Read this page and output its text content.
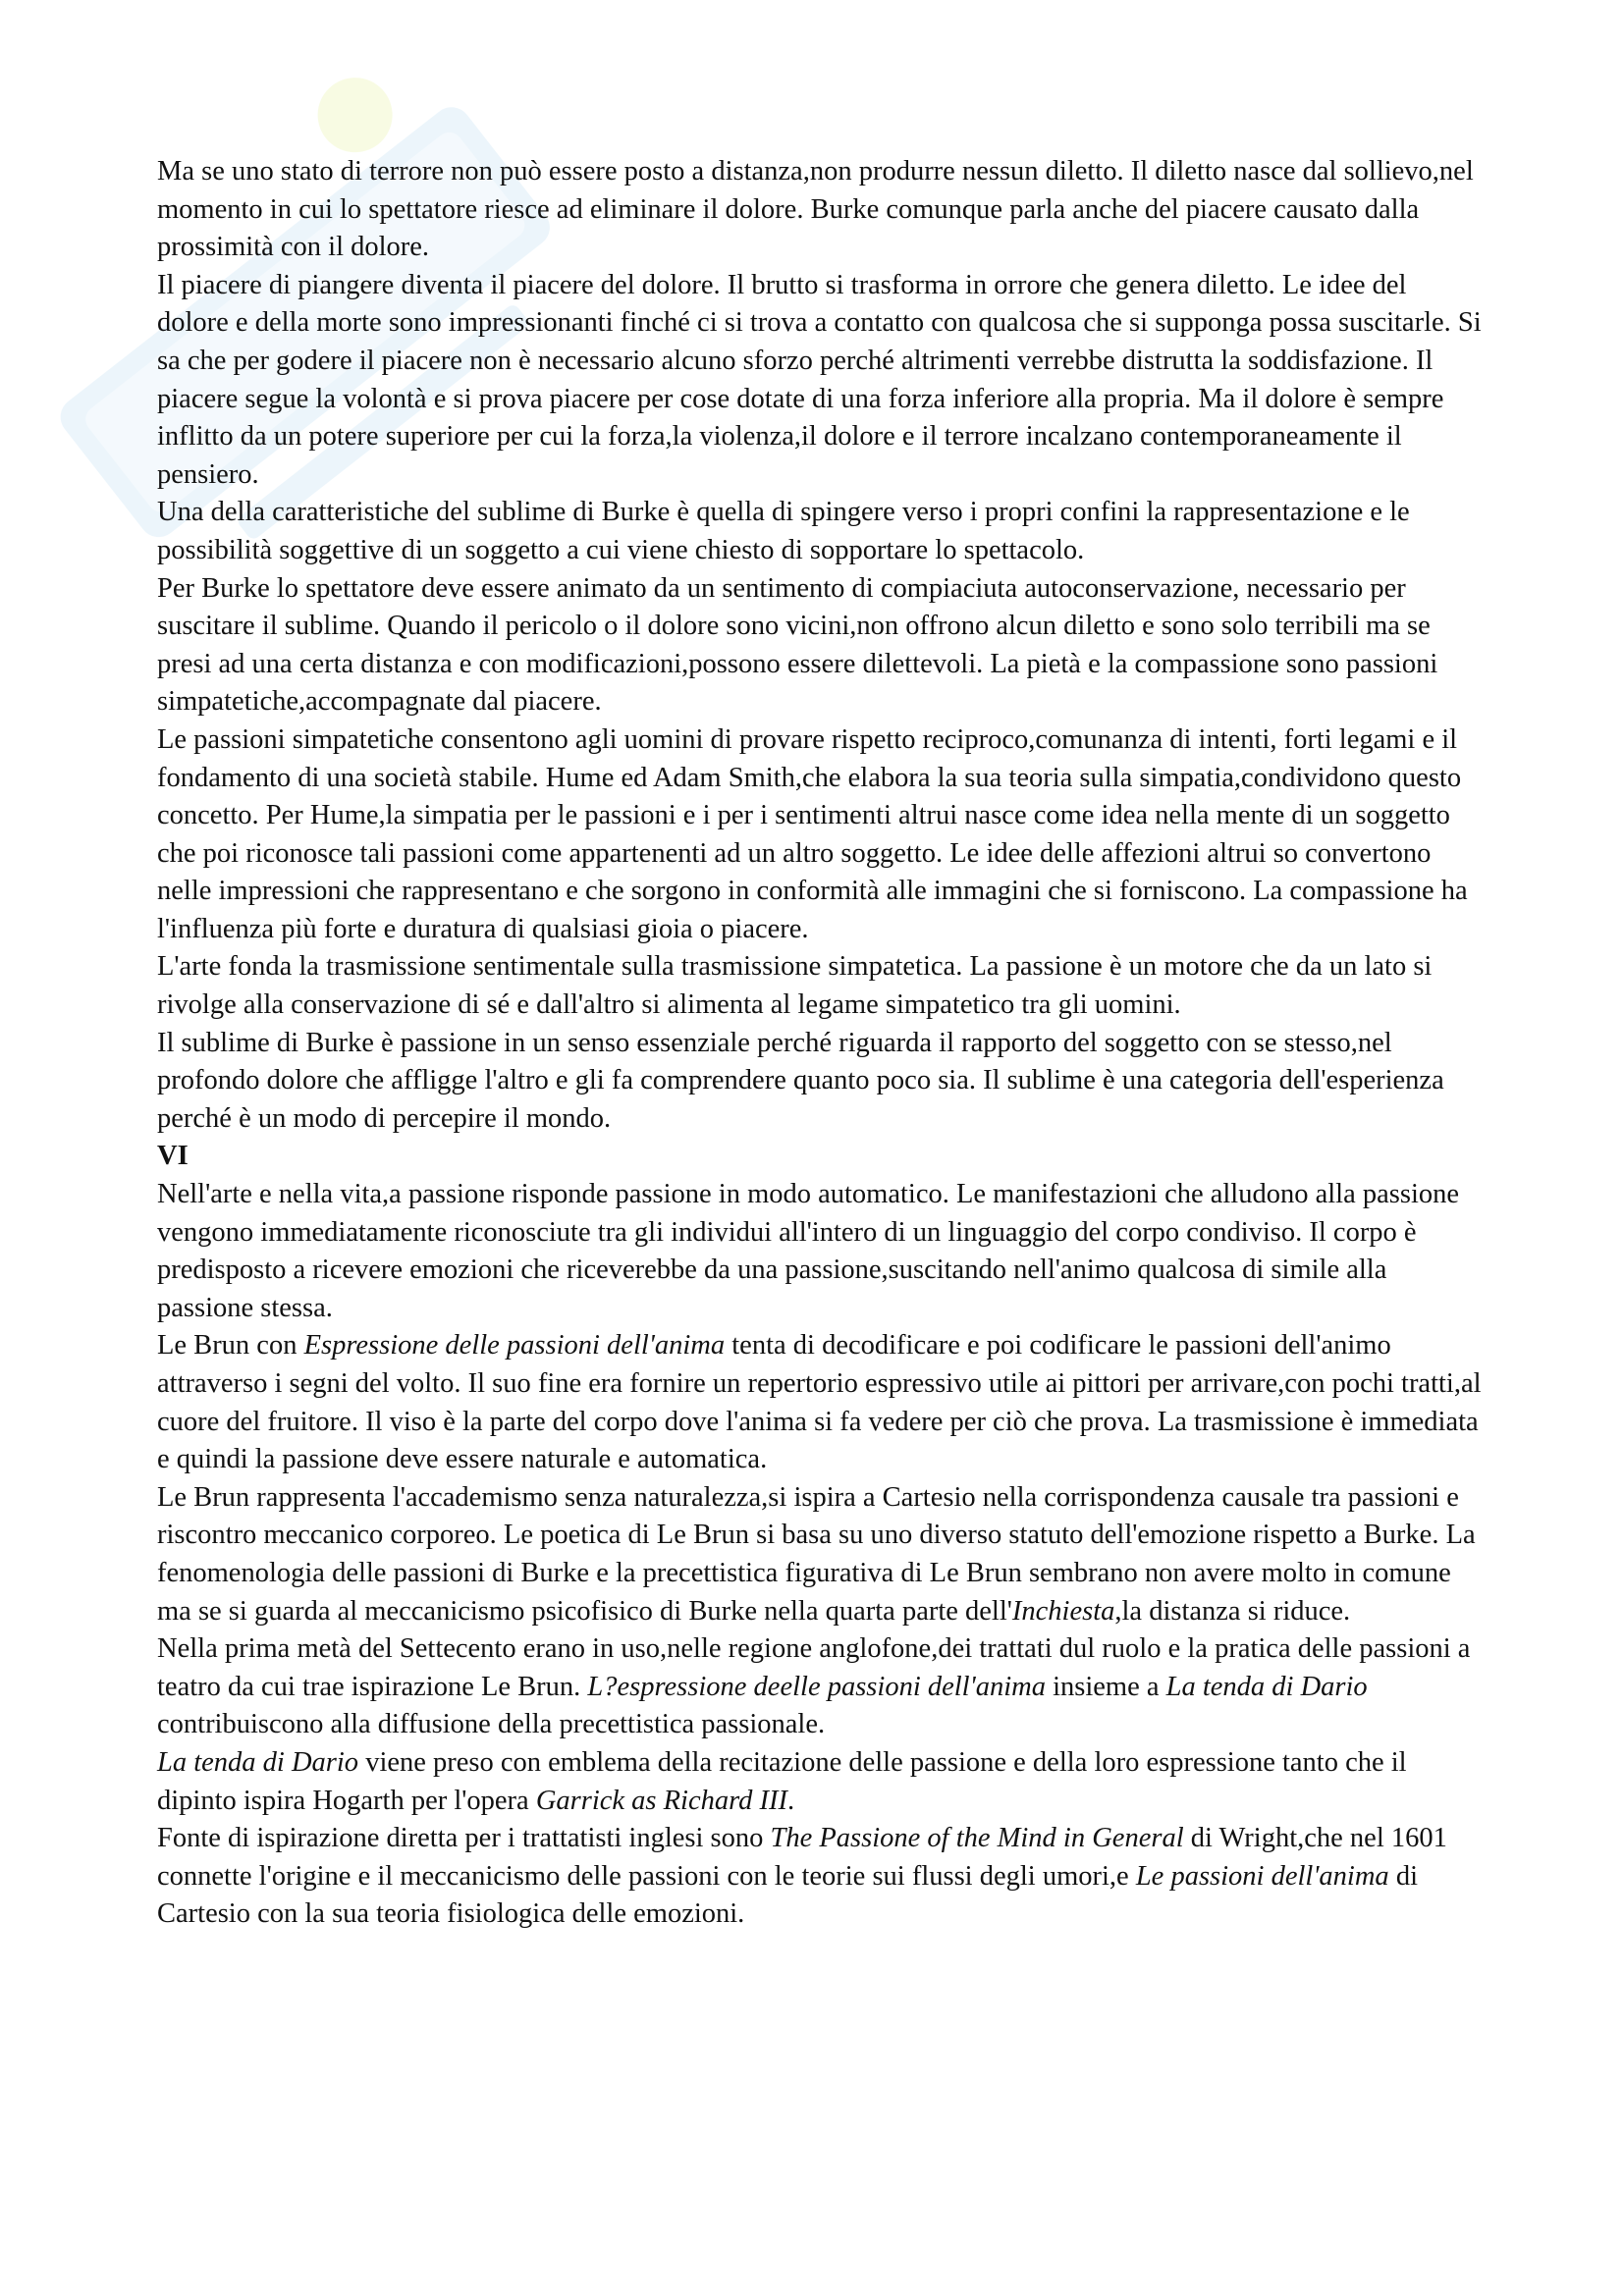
Ma se uno stato di terrore non può essere posto a distanza,non produrre nessun diletto. Il diletto nasce dal sollievo,nel momento in cui lo spettatore riesce ad eliminare il dolore. Burke comunque parla anche del piacere causato dalla prossimità con il dolore.

Il piacere di piangere diventa il piacere del dolore. Il brutto si trasforma in orrore che genera diletto. Le idee del dolore e della morte sono impressionanti finché ci si trova a contatto con qualcosa che si supponga possa suscitarle. Si sa che per godere il piacere non è necessario alcuno sforzo perché altrimenti verrebbe distrutta la soddisfazione. Il piacere segue la volontà e si prova piacere per cose dotate di una forza inferiore alla propria. Ma il dolore è sempre inflitto da un potere superiore per cui la forza,la violenza,il dolore e il terrore incalzano contemporaneamente il pensiero.

Una della caratteristiche del sublime di Burke è quella di spingere verso i propri confini la rappresentazione e le possibilità soggettive di un soggetto a cui viene chiesto di sopportare lo spettacolo.

Per Burke lo spettatore deve essere animato da un sentimento di compiaciuta autoconservazione, necessario per suscitare il sublime. Quando il pericolo o il dolore sono vicini,non offrono alcun diletto e sono solo terribili ma se presi ad una certa distanza e con modificazioni,possono essere dilettevoli. La pietà e la compassione sono passioni simpatetiche,accompagnate dal piacere.

Le passioni simpatetiche consentono agli uomini di provare rispetto reciproco,comunanza di intenti, forti legami e il fondamento di una società stabile. Hume ed Adam Smith,che elabora la sua teoria sulla simpatia,condividono questo concetto. Per Hume,la simpatia per le passioni e i per i sentimenti altrui nasce come idea nella mente di un soggetto che poi riconosce tali passioni come appartenenti ad un altro soggetto. Le idee delle affezioni altrui so convertono nelle impressioni che rappresentano e che sorgono in conformità alle immagini che si forniscono. La compassione ha l'influenza più forte e duratura di qualsiasi gioia o piacere.

L'arte fonda la trasmissione sentimentale sulla trasmissione simpatetica. La passione è un motore che da un lato si rivolge alla conservazione di sé e dall'altro si alimenta al legame simpatetico tra gli uomini.

Il sublime di Burke è passione in un senso essenziale perché riguarda il rapporto del soggetto con se stesso,nel profondo dolore che affligge l'altro e gli fa comprendere quanto poco sia. Il sublime è una categoria dell'esperienza perché è un modo di percepire il mondo.

VI

Nell'arte e nella vita,a passione risponde passione in modo automatico. Le manifestazioni che alludono alla passione vengono immediatamente riconosciute tra gli individui all'intero di un linguaggio del corpo condiviso. Il corpo è predisposto a ricevere emozioni che riceverebbe da una passione,suscitando nell'animo qualcosa di simile alla passione stessa.

Le Brun con Espressione delle passioni dell'anima tenta di decodificare e poi codificare le passioni dell'animo attraverso i segni del volto. Il suo fine era fornire un repertorio espressivo utile ai pittori per arrivare,con pochi tratti,al cuore del fruitore. Il viso è la parte del corpo dove l'anima si fa vedere per ciò che prova. La trasmissione è immediata e quindi la passione deve essere naturale e automatica.

Le Brun rappresenta l'accademismo senza naturalezza,si ispira a Cartesio nella corrispondenza causale tra passioni e riscontro meccanico corporeo. Le poetica di Le Brun si basa su uno diverso statuto dell'emozione rispetto a Burke. La fenomenologia delle passioni di Burke e la precettistica figurativa di Le Brun sembrano non avere molto in comune ma se si guarda al meccanicismo psicofisico di Burke nella quarta parte dell'Inchiesta,la distanza si riduce.

Nella prima metà del Settecento erano in uso,nelle regione anglofone,dei trattati dul ruolo e la pratica delle passioni a teatro da cui trae ispirazione Le Brun. L?espressione deelle passioni dell'anima insieme a La tenda di Dario contribuiscono alla diffusione della precettistica passionale.

La tenda di Dario viene preso con emblema della recitazione delle passione e della loro espressione tanto che il dipinto ispira Hogarth per l'opera Garrick as Richard III.

Fonte di ispirazione diretta per i trattatisti inglesi sono The Passione of the Mind in General di Wright,che nel 1601 connette l'origine e il meccanicismo delle passioni con le teorie sui flussi degli umori,e Le passioni dell'anima di Cartesio con la sua teoria fisiologica delle emozioni.
